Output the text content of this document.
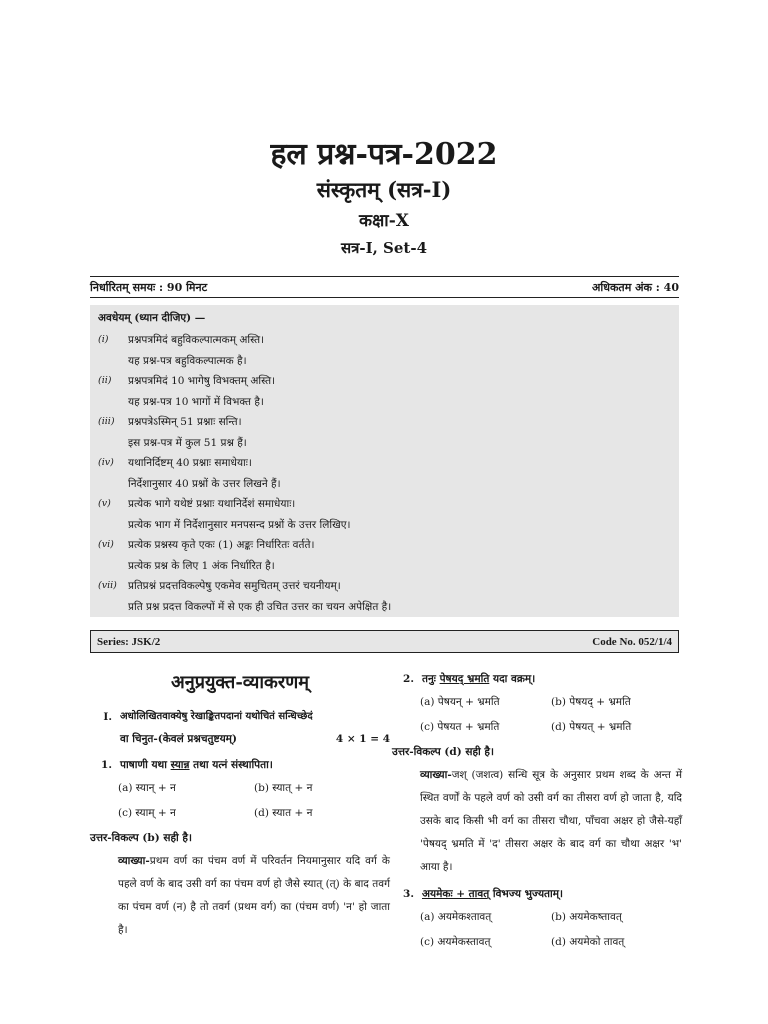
हल प्रश्न-पत्र-2022
संस्कृतम् (सत्र-I)
कक्षा-X
सत्र-I, Set-4
निर्धारितम् समयः : 90 मिनट	अधिकतम अंक : 40
अवधेयम् (ध्यान दीजिए) —
(i)	प्रश्नपत्रमिदं बहुविकल्पात्मकम् अस्ति।
यह प्रश्न-पत्र बहुविकल्पात्मक है।
(ii)	प्रश्नपत्रमिदं 10 भागेषु विभक्तम् अस्ति।
यह प्रश्न-पत्र 10 भागों में विभक्त है।
(iii)	प्रश्नपत्रेऽस्मिन् 51 प्रश्नाः सन्ति।
इस प्रश्न-पत्र में कुल 51 प्रश्न हैं।
(iv)	यथानिर्दिष्टम् 40 प्रश्नाः समाधेयाः।
निर्देशानुसार 40 प्रश्नों के उत्तर लिखने हैं।
(v)	प्रत्येक भागे यथेष्टं प्रश्नाः यथानिर्देशं समाधेयाः।
प्रत्येक भाग में निर्देशानुसार मनपसन्द प्रश्नों के उत्तर लिखिए।
(vi)	प्रत्येक प्रश्नस्य कृते एकः (1) अङ्कः निर्धारितः वर्तते।
प्रत्येक प्रश्न के लिए 1 अंक निर्धारित है।
(vii)	प्रतिप्रश्नं प्रदत्तविकल्पेषु एकमेव समुचितम् उत्तरं चयनीयम्।
प्रति प्रश्न प्रदत्त विकल्पों में से एक ही उचित उत्तर का चयन अपेक्षित है।
Series: JSK/2	Code No. 052/1/4
अनुप्रयुक्त-व्याकरणम्
I. अधोलिखितवाक्येषु रेखाङ्कितपदानां यथोचितं सन्धिच्छेदं
वा चिनुत-(केवलं प्रश्नचतुष्टयम्)	4 × 1 = 4
1. पाषाणी यथा स्यान्न तथा यत्नं संस्थापिता।
(a) स्यान् + न	(b) स्यात् + न
(c) स्याम् + न	(d) स्यात + न
उत्तर-विकल्प (b) सही है।
व्याख्या-प्रथम वर्ण का पंचम वर्ण में परिवर्तन नियमानुसार यदि वर्ग के पहले वर्ण के बाद उसी वर्ग का पंचम वर्ण हो जैसे स्यात् (त्) के बाद तवर्ग का पंचम वर्ण (न) है तो तवर्ग (प्रथम वर्ग) का (पंचम वर्ण) 'न' हो जाता है।
2. तनुः पेषयद् भ्रमति यदा वक्रम्।
(a) पेषयन् + भ्रमति	(b) पेषयद् + भ्रमति
(c) पेषयत + भ्रमति	(d) पेषयत् + भ्रमति
उत्तर-विकल्प (d) सही है।
व्याख्या-जश् (जशत्व) सन्धि सूत्र के अनुसार प्रथम शब्द के अन्त में स्थित वर्णों के पहले वर्ण को उसी वर्ग का तीसरा वर्ण हो जाता है, यदि उसके बाद किसी भी वर्ग का तीसरा चौथा, पाँचवा अक्षर हो जैसे-यहाँ 'पेषयद् भ्रमति में 'द' तीसरा अक्षर के बाद वर्ग का चौथा अक्षर 'भ' आया है।
3. अयमेकः + तावत् विभज्य भुज्यताम्।
(a) अयमेकश्तावत्	(b) अयमेकष्तावत्
(c) अयमेकस्तावत्	(d) अयमेको तावत्
